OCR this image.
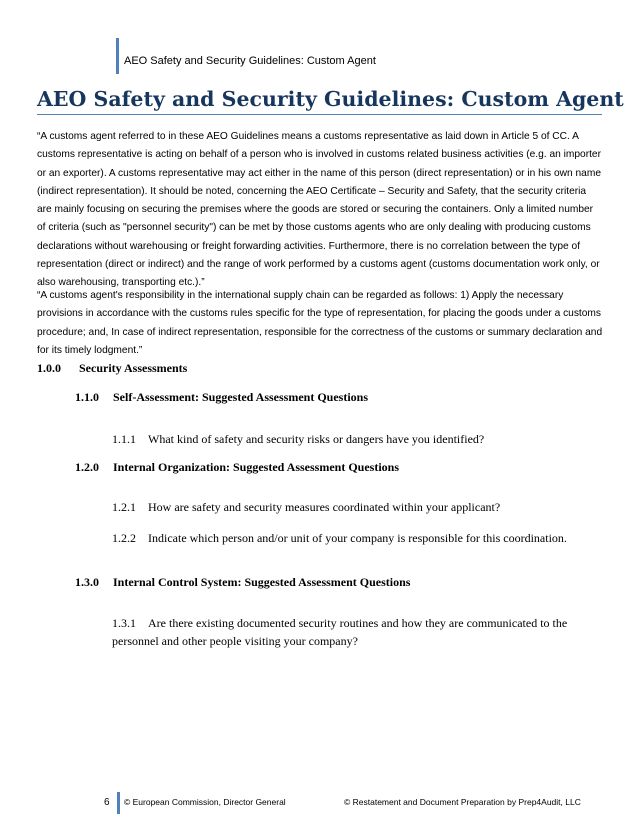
AEO Safety and Security Guidelines: Custom Agent
AEO Safety and Security Guidelines: Custom Agent

“A customs agent referred to in these AEO Guidelines means a customs representative as laid down in Article 5 of CC. A customs representative is acting on behalf of a person who is involved in customs related business activities (e.g. an importer or an exporter). A customs representative may act either in the name of this person (direct representation) or in his own name (indirect representation). It should be noted, concerning the AEO Certificate – Security and Safety, that the security criteria are mainly focusing on securing the premises where the goods are stored or securing the containers. Only a limited number of criteria (such as "personnel security") can be met by those customs agents who are only dealing with producing customs declarations without warehousing or freight forwarding activities. Furthermore, there is no correlation between the type of representation (direct or indirect) and the range of work performed by a customs agent (customs documentation work only, or also warehousing, transporting etc.).”

“A customs agent's responsibility in the international supply chain can be regarded as follows: 1) Apply the necessary provisions in accordance with the customs rules specific for the type of representation, for placing the goods under a customs procedure; and, In case of indirect representation, responsible for the correctness of the customs or summary declaration and for its timely lodgment.”

1.0.0 Security Assessments
1.1.0 Self-Assessment: Suggested Assessment Questions

1.1.1 What kind of safety and security risks or dangers have you identified?

1.2.0 Internal Organization: Suggested Assessment Questions

1.2.1 How are safety and security measures coordinated within your applicant?

1.2.2 Indicate which person and/or unit of your company is responsible for this coordination.

1.3.0 Internal Control System: Suggested Assessment Questions

1.3.1 Are there existing documented security routines and how they are communicated to the personnel and other people visiting your company?

6 © European Commission, Director General	© Restatement and Document Preparation by Prep4Audit, LLC
